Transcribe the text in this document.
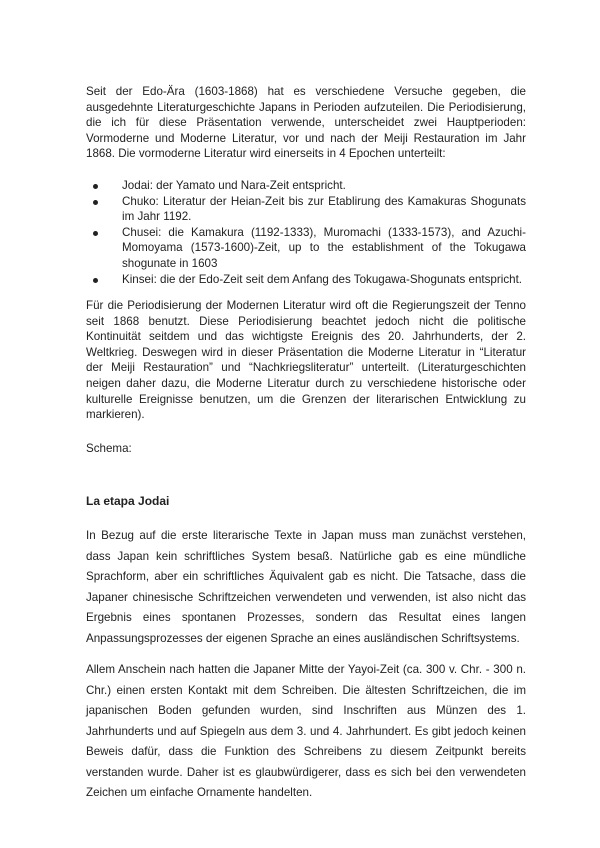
Seit der Edo-Ära (1603-1868) hat es verschiedene Versuche gegeben, die ausgedehnte Literaturgeschichte Japans in Perioden aufzuteilen. Die Periodisierung, die ich für diese Präsentation verwende, unterscheidet zwei Hauptperioden: Vormoderne und Moderne Literatur, vor und nach der Meiji Restauration im Jahr 1868. Die vormoderne Literatur wird einerseits in 4 Epochen unterteilt:

Jodai: der Yamato und Nara-Zeit entspricht.
Chuko: Literatur der Heian-Zeit bis zur Etablirung des Kamakuras Shogunats im Jahr 1192.
Chusei: die Kamakura (1192-1333), Muromachi (1333-1573), and Azuchi-Momoyama (1573-1600)-Zeit, up to the establishment of the Tokugawa shogunate in 1603
Kinsei: die der Edo-Zeit seit dem Anfang des Tokugawa-Shogunats entspricht.

Für die Periodisierung der Modernen Literatur wird oft die Regierungszeit der Tenno seit 1868 benutzt. Diese Periodisierung beachtet jedoch nicht die politische Kontinuität seitdem und das wichtigste Ereignis des 20. Jahrhunderts, der 2. Weltkrieg. Deswegen wird in dieser Präsentation die Moderne Literatur in “Literatur der Meiji Restauration” und “Nachkriegsliteratur” unterteilt. (Literaturgeschichten neigen daher dazu, die Moderne Literatur durch zu verschiedene historische oder kulturelle Ereignisse benutzen, um die Grenzen der literarischen Entwicklung zu markieren).

Schema:

La etapa Jodai

In Bezug auf die erste literarische Texte in Japan muss man zunächst verstehen, dass Japan kein schriftliches System besaß. Natürliche gab es eine mündliche Sprachform, aber ein schriftliches Äquivalent gab es nicht. Die Tatsache, dass die Japaner chinesische Schriftzeichen verwendeten und verwenden, ist also nicht das Ergebnis eines spontanen Prozesses, sondern das Resultat eines langen Anpassungsprozesses der eigenen Sprache an eines ausländischen Schriftsystems.

Allem Anschein nach hatten die Japaner Mitte der Yayoi-Zeit (ca. 300 v. Chr. - 300 n. Chr.) einen ersten Kontakt mit dem Schreiben. Die ältesten Schriftzeichen, die im japanischen Boden gefunden wurden, sind Inschriften aus Münzen des 1. Jahrhunderts und auf Spiegeln aus dem 3. und 4. Jahrhundert. Es gibt jedoch keinen Beweis dafür, dass die Funktion des Schreibens zu diesem Zeitpunkt bereits verstanden wurde. Daher ist es glaubwürdigerer, dass es sich bei den verwendeten Zeichen um einfache Ornamente handelten.
